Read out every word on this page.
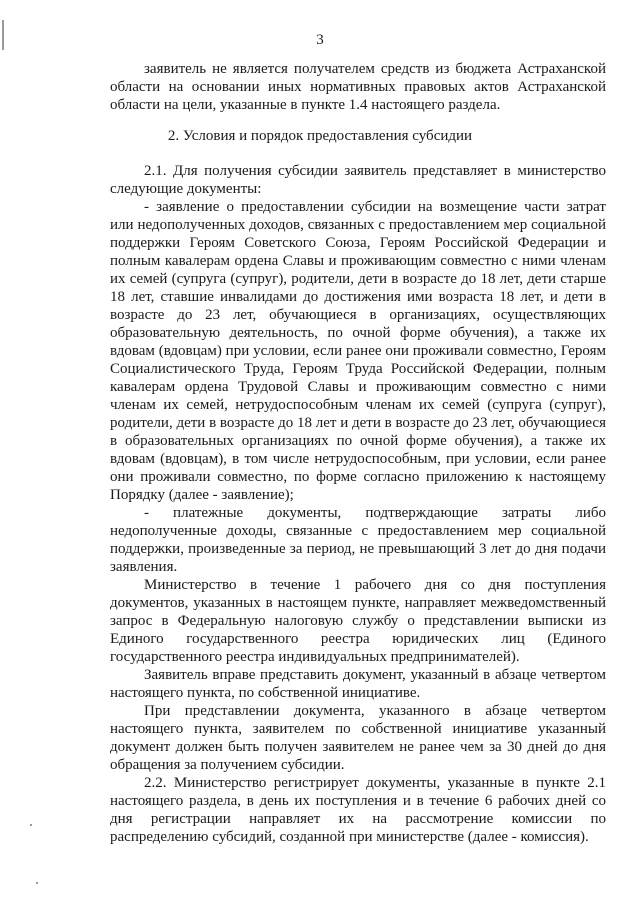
3

заявитель не является получателем средств из бюджета Астраханской области на основании иных нормативных правовых актов Астраханской области на цели, указанные в пункте 1.4 настоящего раздела.

2. Условия и порядок предоставления субсидии

2.1. Для получения субсидии заявитель представляет в министерство следующие документы:

- заявление о предоставлении субсидии на возмещение части затрат или недополученных доходов, связанных с предоставлением мер социальной поддержки Героям Советского Союза, Героям Российской Федерации и полным кавалерам ордена Славы и проживающим совместно с ними членам их семей (супруга (супруг), родители, дети в возрасте до 18 лет, дети старше 18 лет, ставшие инвалидами до достижения ими возраста 18 лет, и дети в возрасте до 23 лет, обучающиеся в организациях, осуществляющих образовательную деятельность, по очной форме обучения), а также их вдовам (вдовцам) при условии, если ранее они проживали совместно, Героям Социалистического Труда, Героям Труда Российской Федерации, полным кавалерам ордена Трудовой Славы и проживающим совместно с ними членам их семей, нетрудоспособным членам их семей (супруга (супруг), родители, дети в возрасте до 18 лет и дети в возрасте до 23 лет, обучающиеся в образовательных организациях по очной форме обучения), а также их вдовам (вдовцам), в том числе нетрудоспособным, при условии, если ранее они проживали совместно, по форме согласно приложению к настоящему Порядку (далее - заявление);

- платежные документы, подтверждающие затраты либо недополученные доходы, связанные с предоставлением мер социальной поддержки, произведенные за период, не превышающий 3 лет до дня подачи заявления.

Министерство в течение 1 рабочего дня со дня поступления документов, указанных в настоящем пункте, направляет межведомственный запрос в Федеральную налоговую службу о представлении выписки из Единого государственного реестра юридических лиц (Единого государственного реестра индивидуальных предпринимателей).

Заявитель вправе представить документ, указанный в абзаце четвертом настоящего пункта, по собственной инициативе.

При представлении документа, указанного в абзаце четвертом настоящего пункта, заявителем по собственной инициативе указанный документ должен быть получен заявителем не ранее чем за 30 дней до дня обращения за получением субсидии.

2.2. Министерство регистрирует документы, указанные в пункте 2.1 настоящего раздела, в день их поступления и в течение 6 рабочих дней со дня регистрации направляет их на рассмотрение комиссии по распределению субсидий, созданной при министерстве (далее - комиссия).
